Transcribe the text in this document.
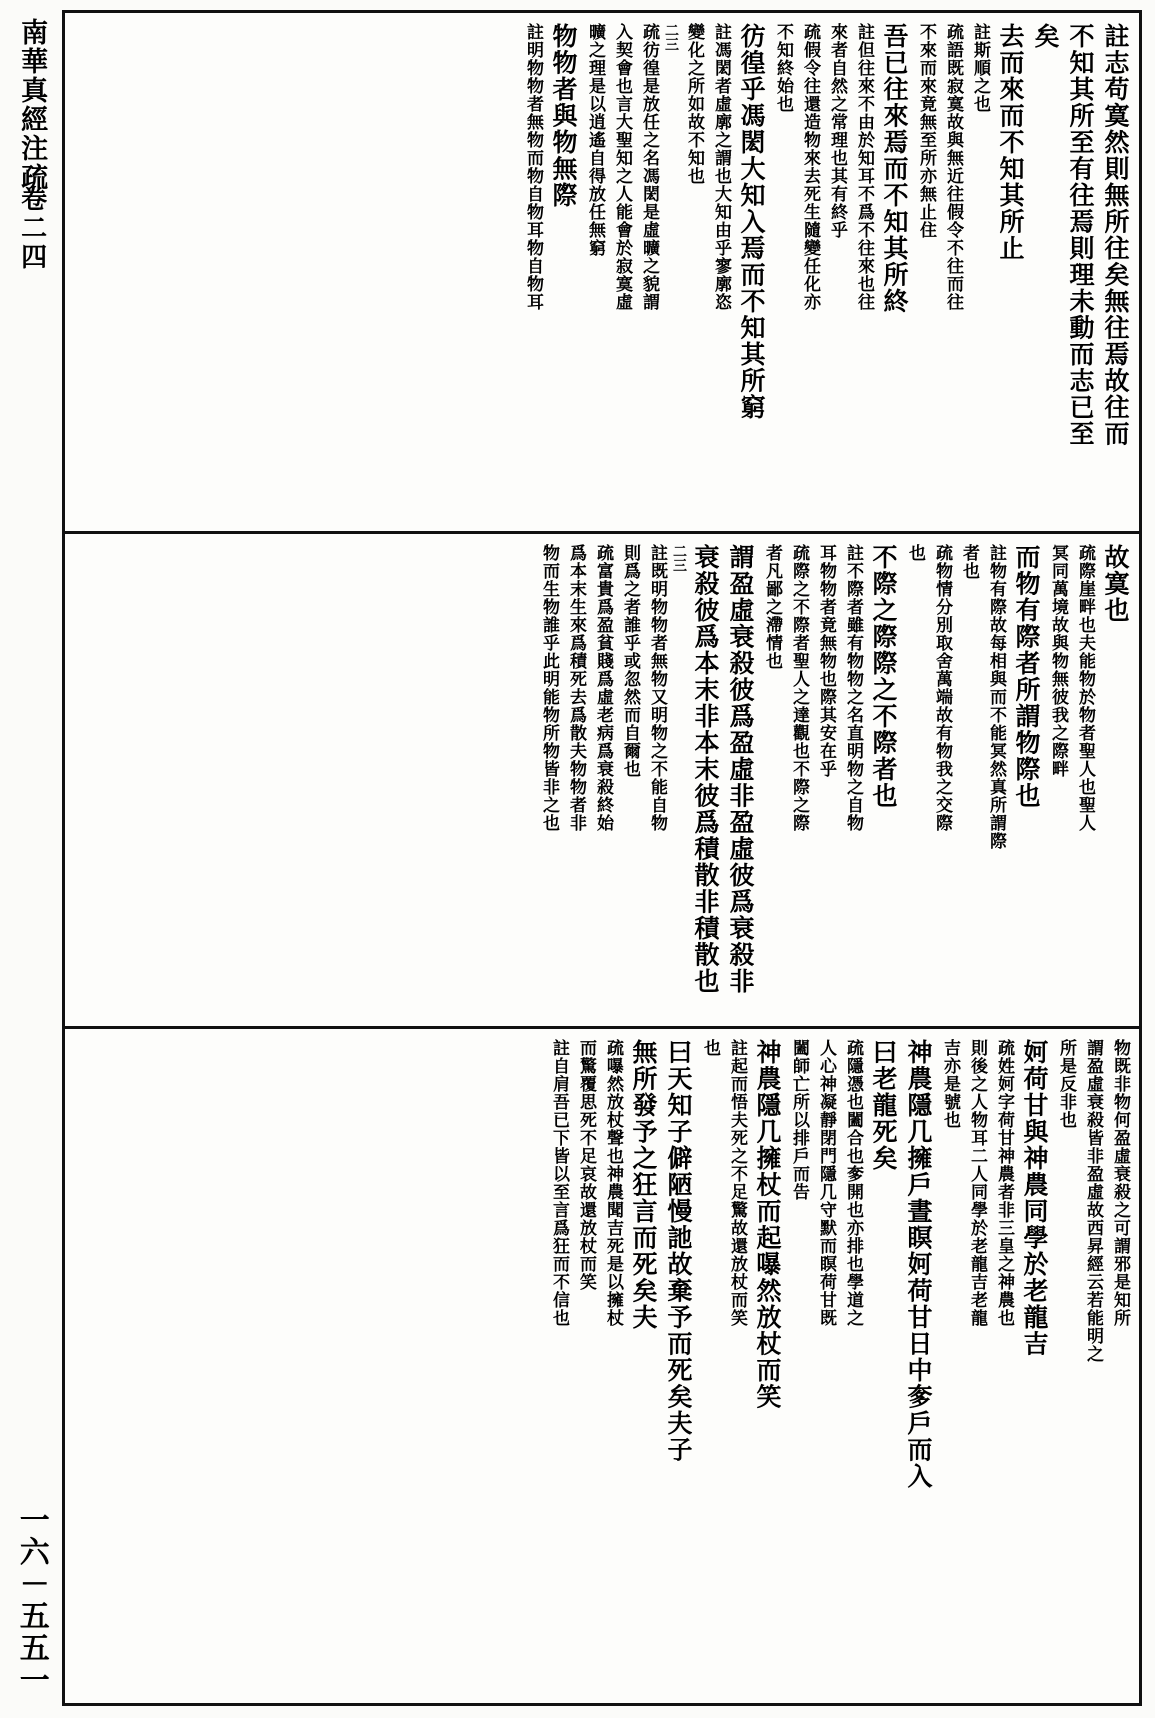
南華真經注疏
卷二四
一六－五五一
註志苟寞然則無所往矣無往焉故往而
不知其所至有往焉則理未動而志已至
矣
去而來而不知其所止
註斯順之也
疏語既寂寞故與無近往假令不往而往
不來而來竟無至所亦無止住
吾已往來焉而不知其所終
註但往來不由於知耳不爲不往來也往
來者自然之常理也其有終乎
疏假令往還造物來去死生隨變任化亦
不知終始也
彷徨乎馮閎大知入焉而不知其所窮
註馮閎者虛廓之謂也大知由乎寥廓恣
變化之所如故不知也
二三
疏彷徨是放任之名馮閎是虛曠之貌謂
入契會也言大聖知之人能會於寂寞虛
曠之理是以逍遙自得放任無窮
物物者與物無際
註明物物者無物而物自物耳物自物耳
故寞也
疏際崖畔也夫能物於物者聖人也聖人
冥同萬境故與物無彼我之際畔
而物有際者所謂物際也
註物有際故每相與而不能冥然真所謂際
者也
疏物情分別取舍萬端故有物我之交際
也
不際之際際之不際者也
註不際者雖有物物之名直明物之自物
耳物物者竟無物也際其安在乎
疏際之不際者聖人之達觀也不際之際
者凡鄙之滯情也
謂盈虛衰殺彼爲盈虛非盈虛彼爲衰殺非
衰殺彼爲本末非本末彼爲積散非積散也
二三
註既明物物者無物又明物之不能自物
則爲之者誰乎或忽然而自爾也
疏富貴爲盈貧賤爲虛老病爲衰殺終始
爲本末生來爲積死去爲散夫物物者非
物而生物誰乎此明能物所物皆非之也
物既非物何盈虛衰殺之可謂邪是知所
謂盈虛衰殺皆非盈虛故西昇經云若能明之
所是反非也
妸荷甘與神農同學於老龍吉
疏姓妸字荷甘神農者非三皇之神農也
則後之人物耳二人同學於老龍吉老龍
吉亦是號也
神農隱几擁戶晝瞑妸荷甘日中奓戶而入
曰老龍死矣
疏隱憑也闔合也奓開也亦排也學道之
人心神凝靜閉門隱几守默而瞑荷甘既
闔師亡所以排戶而告
神農隱几擁杖而起嚗然放杖而笑
註起而悟夫死之不足驚故還放杖而笑
也
曰天知子僻陋慢訑故棄予而死矣夫子
無所發予之狂言而死矣夫
疏嚗然放杖聲也神農聞吉死是以擁杖
而驚覆思死不足哀故還放杖而笑
註自肩吾已下皆以至言爲狂而不信也
